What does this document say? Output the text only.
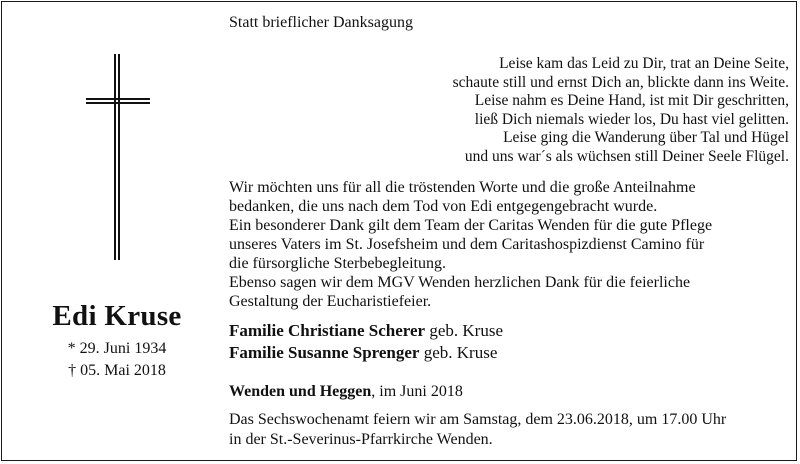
Edi Kruse
* 29. Juni 1934
† 05. Mai 2018
Statt brieflicher Danksagung
Leise kam das Leid zu Dir, trat an Deine Seite,
schaute still und ernst Dich an, blickte dann ins Weite.
Leise nahm es Deine Hand, ist mit Dir geschritten,
ließ Dich niemals wieder los, Du hast viel gelitten.
Leise ging die Wanderung über Tal und Hügel
und uns war´s als wüchsen still Deiner Seele Flügel.
Wir möchten uns für all die tröstenden Worte und die große Anteilnahme
bedanken, die uns nach dem Tod von Edi entgegengebracht wurde.
Ein besonderer Dank gilt dem Team der Caritas Wenden für die gute Pflege
unseres Vaters im St. Josefsheim und dem Caritashospizdienst Camino für
die fürsorgliche Sterbebegleitung.
Ebenso sagen wir dem MGV Wenden herzlichen Dank für die feierliche
Gestaltung der Eucharistiefeier.
Familie Christiane Scherer geb. Kruse
Familie Susanne Sprenger geb. Kruse
Wenden und Heggen, im Juni 2018
Das Sechswochenamt feiern wir am Samstag, dem 23.06.2018, um 17.00 Uhr
in der St.-Severinus-Pfarrkirche Wenden.
